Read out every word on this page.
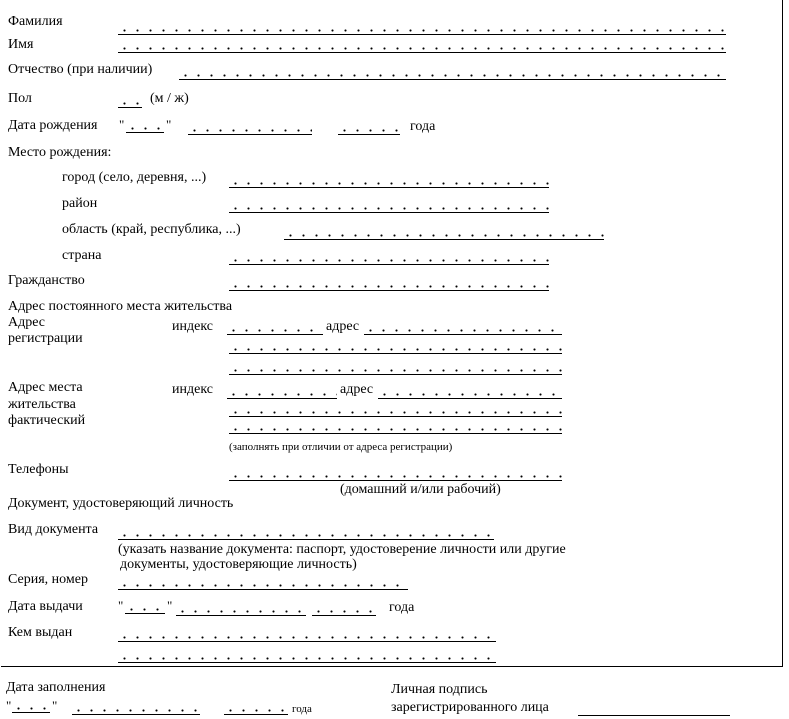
Фамилия
Имя
Отчество (при наличии)
Пол	(м / ж)
Дата рождения "	"	года
Место рождения:
город (село, деревня, ...)
район
область (край, республика, ...)
страна
Гражданство
Адрес постоянного места жительства
Адрес
регистрации
индекс	адрес
Адрес места
жительства
фактический
индекс	адрес
(заполнять при отличии от адреса регистрации)
Телефоны
(домашний и/или рабочий)
Документ, удостоверяющий личность
Вид документа
(указать название документа: паспорт, удостоверение личности или другие
документы, удостоверяющие личность)
Серия, номер
Дата выдачи	"	"	года
Кем выдан
Дата заполнения
"	"	года
Личная подпись
зарегистрированного лица
